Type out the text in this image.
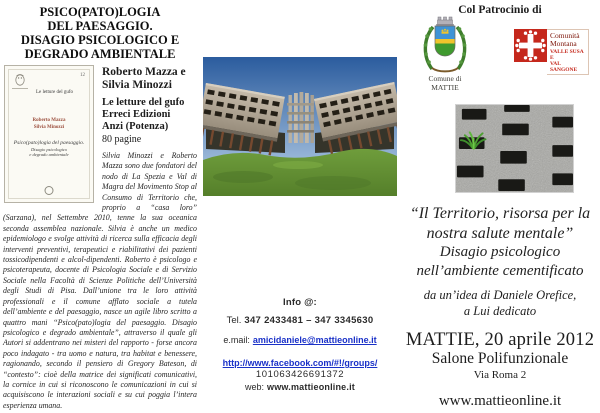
PSICO(PATO)LOGIA
DEL PAESAGGIO.
DISAGIO PSICOLOGICO E
DEGRADO AMBIENTALE
12
Le letture del gufo
Roberto Mazza
Silvia Minozzi
Psico(pato)logia del paesaggio.
Disagio psicologico
e degrado ambientale
Roberto Mazza e
Silvia Minozzi
Le letture del gufo
Erreci Edizioni
Anzi (Potenza)
80 pagine

Silvia Minozzi e Roberto Mazza sono due fondatori del nodo di La Spezia e Val di Magra del Movimento Stop al Consumo di Territorio che, proprio a “casa loro” (Sarzana), nel Settembre 2010, tenne la sua oceanica seconda assemblea nazionale. Silvia è anche un medico epidemiologo e svolge attività di ricerca sulla efficacia degli interventi preventivi, terapeutici e riabilitativi dei pazienti tossicodipendenti e alcol-dipendenti. Roberto è psicologo e psicoterapeuta, docente di Psicologia Sociale e di Servizio Sociale nella Facoltà di Scienze Politiche dell’Università degli Studi di Pisa. Dall’unione tra le loro attività professionali e il comune afflato sociale a tutela dell’ambiente e del paesaggio, nasce un agile libro scritto a quattro mani “Psico(pato)logia del paesaggio. Disagio psicologico e degrado ambientale”, attraverso il quale gli Autori si addentrano nei misteri del rapporto - forse ancora poco indagato - tra uomo e natura, tra habitat e benessere, ragionando, secondo il pensiero di Gregory Bateson, di “contesto”: cioè della matrice dei significati comunicativi, la cornice in cui si riconoscono le comunicazioni in cui si acquisiscono le interazioni sociali e su cui poggia l’intera esperienza umana.

Info @:
Tel. 347 2433481 – 347 3345630
e.mail: amicidaniele@mattieonline.it
http://www.facebook.com/#!/groups/
101063426691372
web: www.mattieonline.it
Col Patrocinio di
Comune di
MATTIE
Comunità
Montana
VALLE SUSA E
VAL SANGONE
“Il Territorio, risorsa per la
nostra salute mentale”
Disagio psicologico
nell’ambiente cementificato
da un’idea di Daniele Orefice,
a Lui dedicato
MATTIE, 20 aprile 2012
Salone Polifunzionale
Via Roma 2
www.mattieonline.it
